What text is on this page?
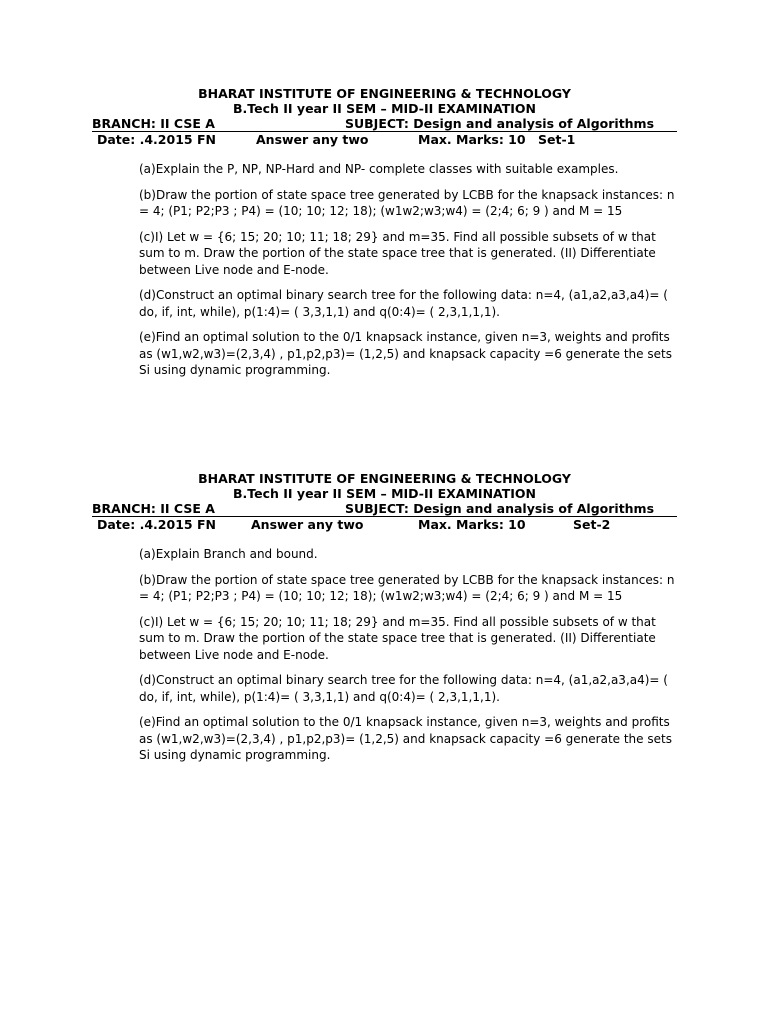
BHARAT INSTITUTE OF ENGINEERING & TECHNOLOGY
B.Tech II year II SEM – MID-II EXAMINATION
BRANCH: II CSE A	SUBJECT: Design and analysis of Algorithms
Date: .4.2015 FN	Answer any two	Max. Marks: 10 Set-1

(a)Explain the P, NP, NP-Hard and NP- complete classes with suitable examples.

(b)Draw the portion of state space tree generated by LCBB for the knapsack instances: n = 4; (P1; P2;P3 ; P4) = (10; 10; 12; 18); (w1w2;w3;w4) = (2;4; 6; 9 ) and M = 15

(c)I) Let w = {6; 15; 20; 10; 11; 18; 29} and m=35. Find all possible subsets of w that sum to m. Draw the portion of the state space tree that is generated. (II) Differentiate between Live node and E-node.

(d)Construct an optimal binary search tree for the following data: n=4, (a1,a2,a3,a4)= ( do, if, int, while), p(1:4)= ( 3,3,1,1) and q(0:4)= ( 2,3,1,1,1).

(e)Find an optimal solution to the 0/1 knapsack instance, given n=3, weights and profits as (w1,w2,w3)=(2,3,4) , p1,p2,p3)= (1,2,5) and knapsack capacity =6 generate the sets Si using dynamic programming.

BHARAT INSTITUTE OF ENGINEERING & TECHNOLOGY
B.Tech II year II SEM – MID-II EXAMINATION
BRANCH: II CSE A	SUBJECT: Design and analysis of Algorithms
Date: .4.2015 FN	Answer any two	Max. Marks: 10	Set-2

(a)Explain Branch and bound.

(b)Draw the portion of state space tree generated by LCBB for the knapsack instances: n = 4; (P1; P2;P3 ; P4) = (10; 10; 12; 18); (w1w2;w3;w4) = (2;4; 6; 9 ) and M = 15

(c)I) Let w = {6; 15; 20; 10; 11; 18; 29} and m=35. Find all possible subsets of w that sum to m. Draw the portion of the state space tree that is generated. (II) Differentiate between Live node and E-node.

(d)Construct an optimal binary search tree for the following data: n=4, (a1,a2,a3,a4)= ( do, if, int, while), p(1:4)= ( 3,3,1,1) and q(0:4)= ( 2,3,1,1,1).

(e)Find an optimal solution to the 0/1 knapsack instance, given n=3, weights and profits as (w1,w2,w3)=(2,3,4) , p1,p2,p3)= (1,2,5) and knapsack capacity =6 generate the sets Si using dynamic programming.
